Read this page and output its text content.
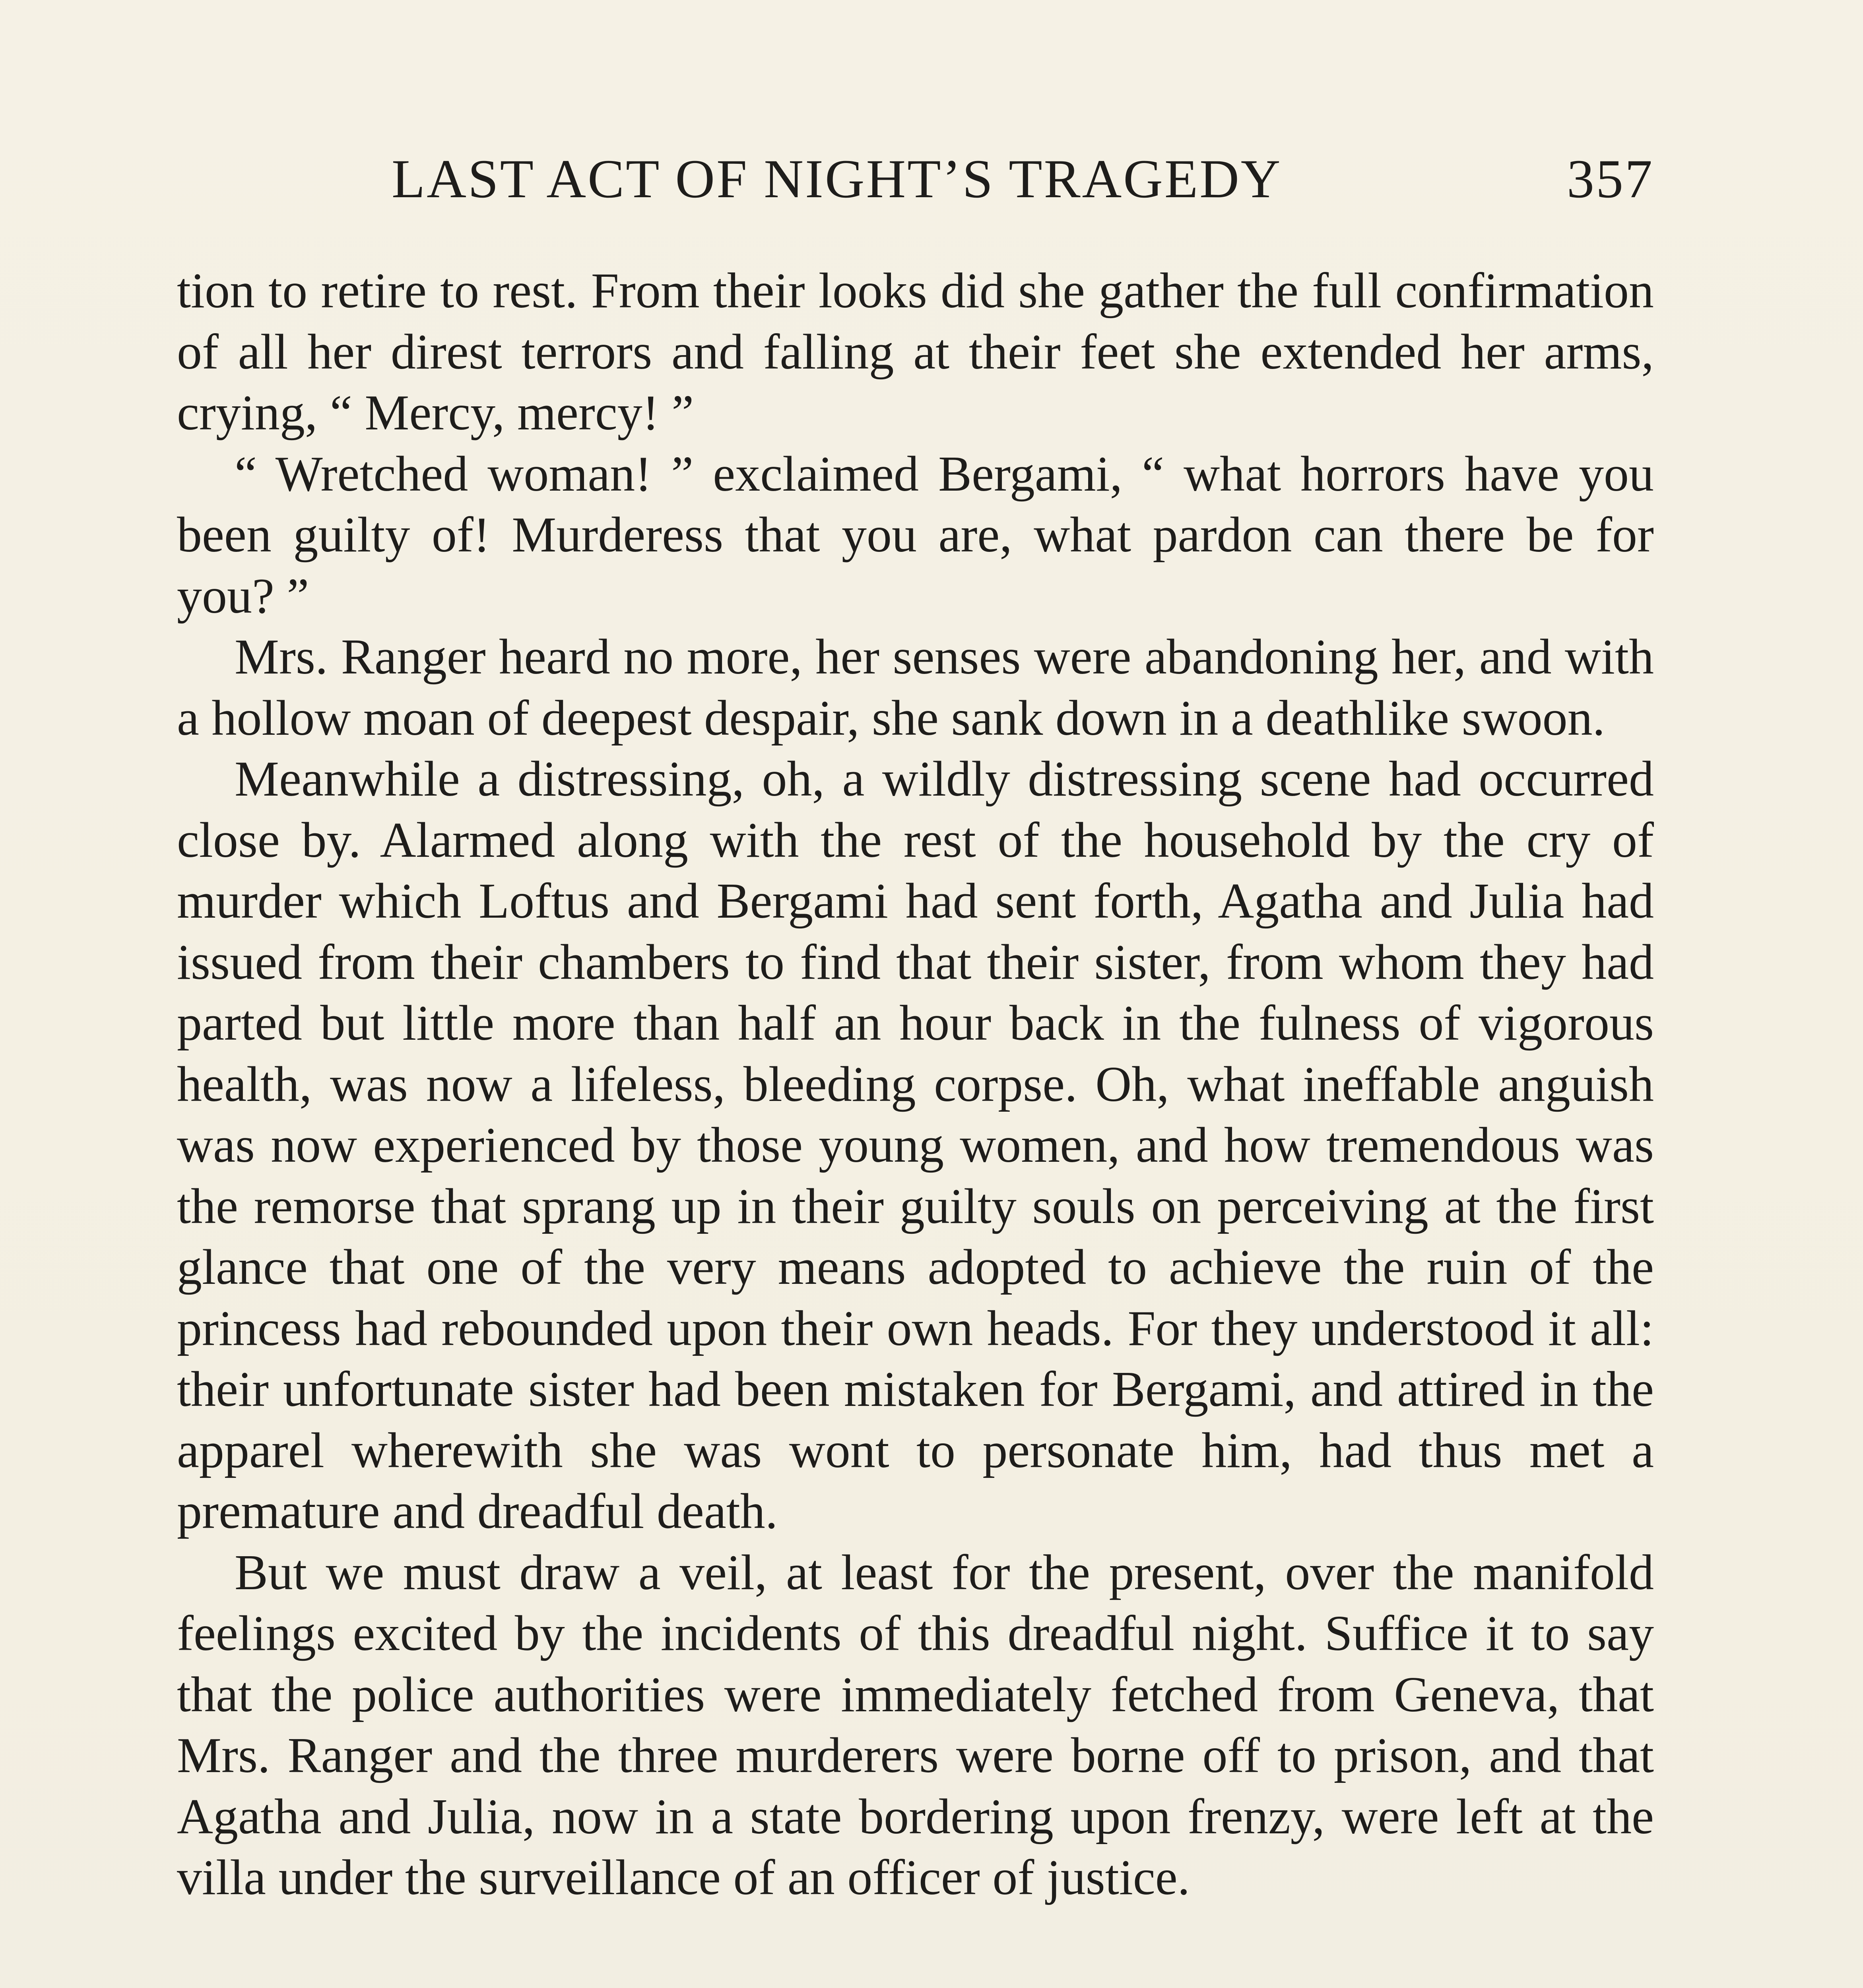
LAST ACT OF NIGHT’S TRAGEDY	357

tion to retire to rest. From their looks did she gather the full confirmation of all her direst terrors and falling at their feet she extended her arms, crying, “ Mercy, mercy! ”

“ Wretched woman! ” exclaimed Bergami, “ what horrors have you been guilty of! Murderess that you are, what pardon can there be for you? ”

Mrs. Ranger heard no more, her senses were abandoning her, and with a hollow moan of deepest despair, she sank down in a deathlike swoon.

Meanwhile a distressing, oh, a wildly distressing scene had occurred close by. Alarmed along with the rest of the household by the cry of murder which Loftus and Bergami had sent forth, Agatha and Julia had issued from their chambers to find that their sister, from whom they had parted but little more than half an hour back in the fulness of vigorous health, was now a lifeless, bleeding corpse. Oh, what ineffable anguish was now experienced by those young women, and how tremendous was the remorse that sprang up in their guilty souls on perceiving at the first glance that one of the very means adopted to achieve the ruin of the princess had rebounded upon their own heads. For they understood it all: their unfortunate sister had been mistaken for Bergami, and attired in the apparel wherewith she was wont to personate him, had thus met a premature and dreadful death.

But we must draw a veil, at least for the present, over the manifold feelings excited by the incidents of this dreadful night. Suffice it to say that the police authorities were immediately fetched from Geneva, that Mrs. Ranger and the three murderers were borne off to prison, and that Agatha and Julia, now in a state bordering upon frenzy, were left at the villa under the surveillance of an officer of justice.
